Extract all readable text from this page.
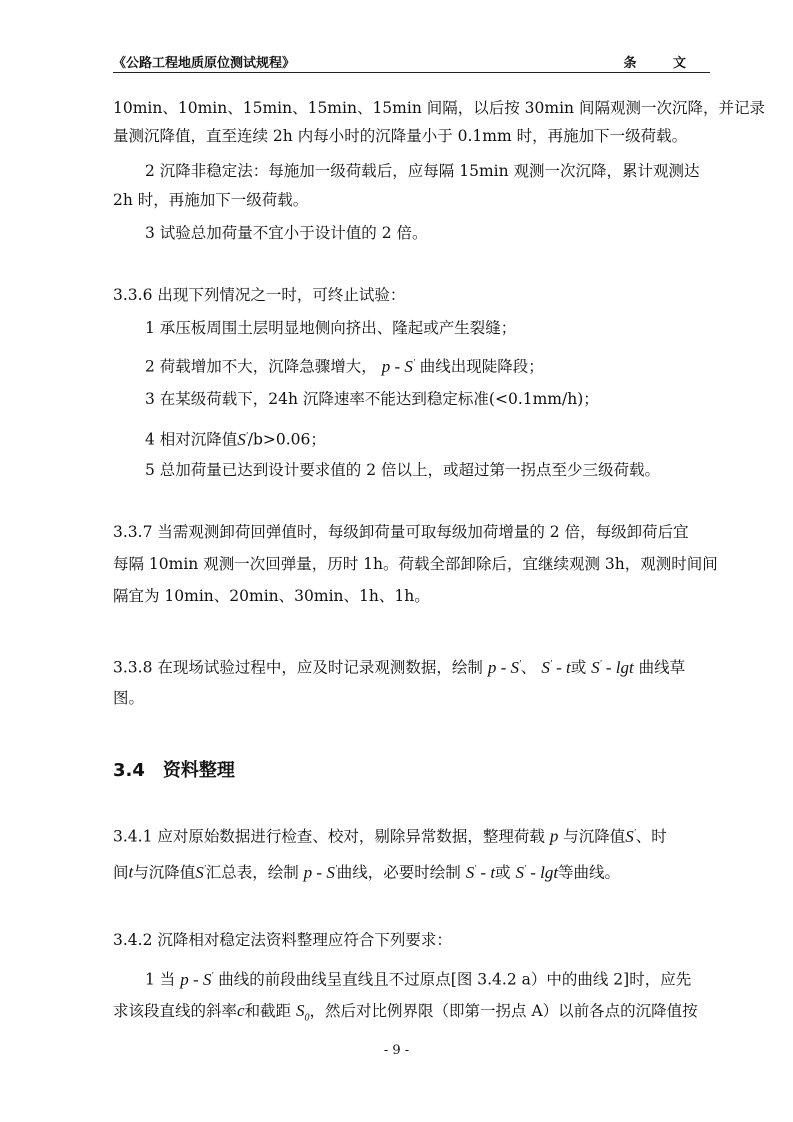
《公路工程地质原位测试规程》	条 文
10min、10min、15min、15min、15min 间隔，以后按 30min 间隔观测一次沉降，并记录
量测沉降值，直至连续 2h 内每小时的沉降量小于 0.1mm 时，再施加下一级荷载。
2 沉降非稳定法：每施加一级荷载后，应每隔 15min 观测一次沉降，累计观测达
2h 时，再施加下一级荷载。
3 试验总加荷量不宜小于设计值的 2 倍。
3.3.6 出现下列情况之一时，可终止试验：
1 承压板周围土层明显地侧向挤出、隆起或产生裂缝；
2 荷载增加不大，沉降急骤增大， p - S' 曲线出现陡降段；
3 在某级荷载下，24h 沉降速率不能达到稳定标准(<0.1mm/h)；
4 相对沉降值S'/b>0.06；
5 总加荷量已达到设计要求值的 2 倍以上，或超过第一拐点至少三级荷载。
3.3.7 当需观测卸荷回弹值时，每级卸荷量可取每级加荷增量的 2 倍，每级卸荷后宜
每隔 10min 观测一次回弹量，历时 1h。荷载全部卸除后，宜继续观测 3h，观测时间间
隔宜为 10min、20min、30min、1h、1h。
3.3.8 在现场试验过程中，应及时记录观测数据，绘制 p - S'、 S' - t或 S' - lgt 曲线草
图。
3.4 资料整理
3.4.1 应对原始数据进行检查、校对，剔除异常数据，整理荷载 p 与沉降值S'、时
间t与沉降值S'汇总表，绘制 p - S'曲线，必要时绘制 S' - t或 S' - lgt等曲线。
3.4.2 沉降相对稳定法资料整理应符合下列要求：
1 当 p - S' 曲线的前段曲线呈直线且不过原点[图 3.4.2 a）中的曲线 2]时，应先
求该段直线的斜率c和截距 $S_0$，然后对比例界限（即第一拐点 A）以前各点的沉降值按
- 9 -
